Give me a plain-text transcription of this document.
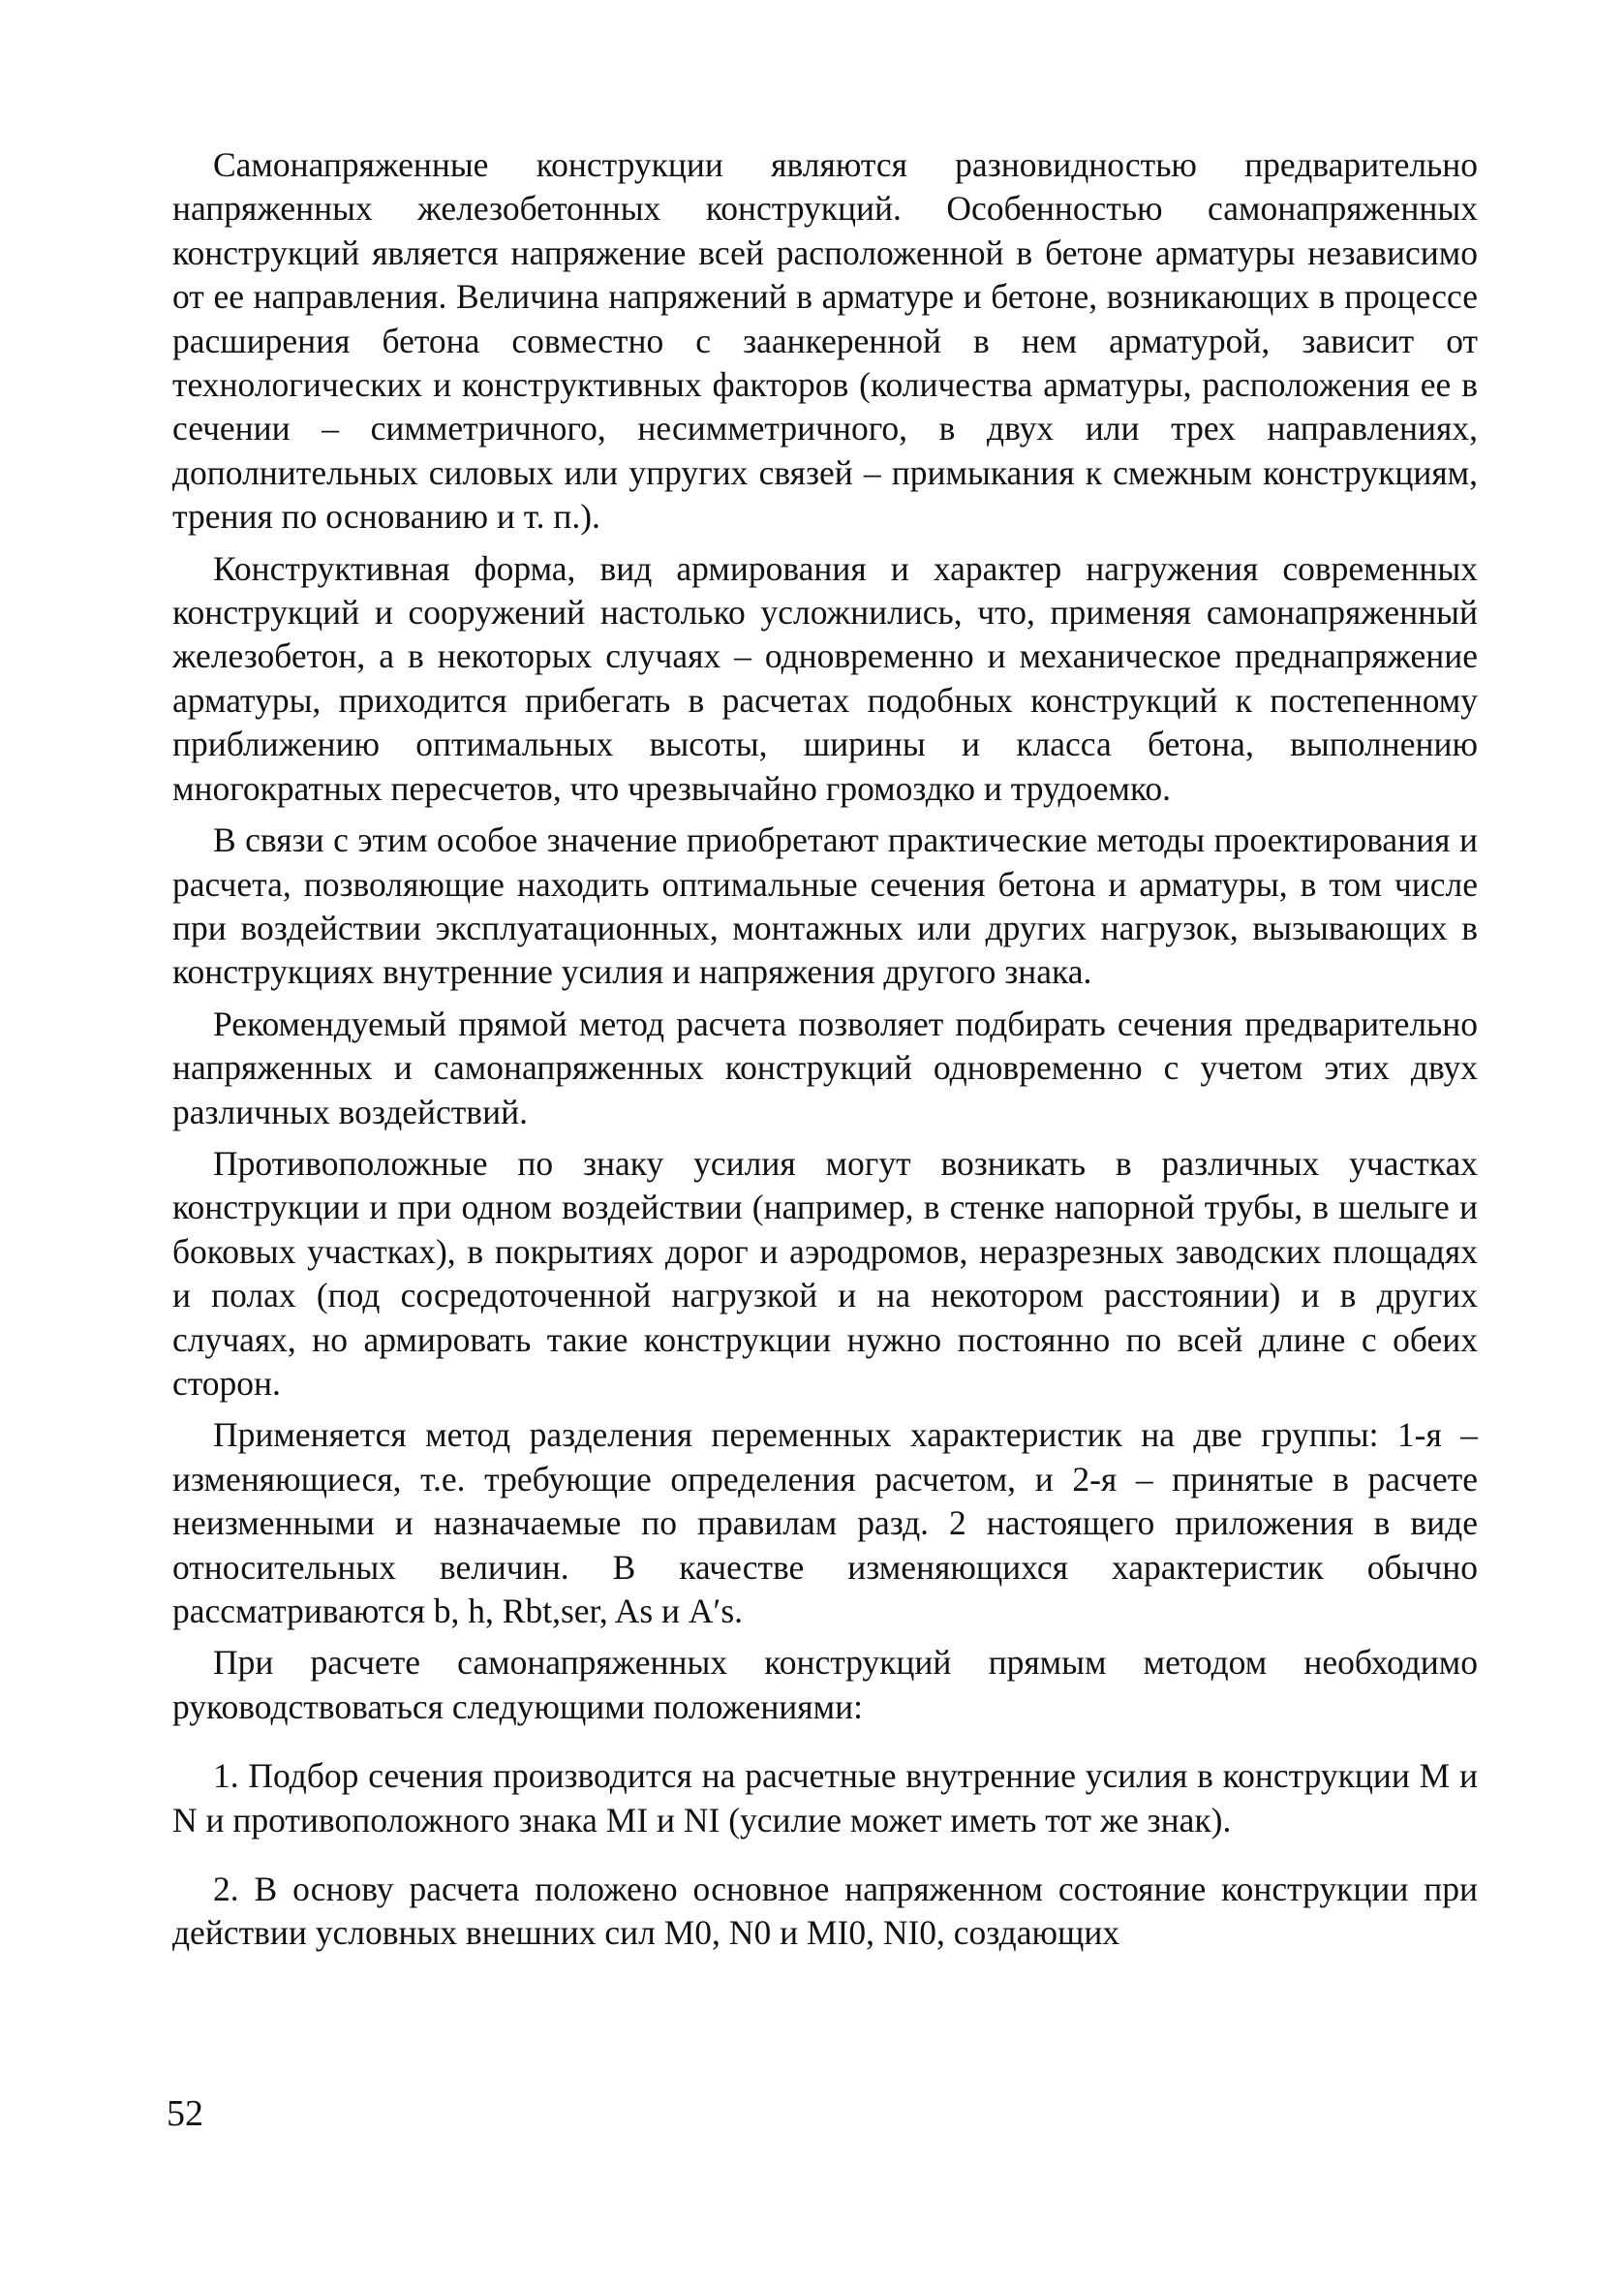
Самонапряженные конструкции являются разновидностью предварительно напряженных железобетонных конструкций. Особенностью самонапряженных конструкций является напряжение всей расположенной в бетоне арматуры независимо от ее направления. Величина напряжений в арматуре и бетоне, возникающих в процессе расширения бетона совместно с заанкеренной в нем арматурой, зависит от технологических и конструктивных факторов (количества арматуры, расположения ее в сечении – симметричного, несимметричного, в двух или трех направлениях, дополнительных силовых или упругих связей – примыкания к смежным конструкциям, трения по основанию и т. п.).

Конструктивная форма, вид армирования и характер нагружения современных конструкций и сооружений настолько усложнились, что, применяя самонапряженный железобетон, а в некоторых случаях – одновременно и механическое преднапряжение арматуры, приходится прибегать в расчетах подобных конструкций к постепенному приближению оптимальных высоты, ширины и класса бетона, выполнению многократных пересчетов, что чрезвычайно громоздко и трудоемко.

В связи с этим особое значение приобретают практические методы проектирования и расчета, позволяющие находить оптимальные сечения бетона и арматуры, в том числе при воздействии эксплуатационных, монтажных или других нагрузок, вызывающих в конструкциях внутренние усилия и напряжения другого знака.

Рекомендуемый прямой метод расчета позволяет подбирать сечения предварительно напряженных и самонапряженных конструкций одновременно с учетом этих двух различных воздействий.

Противоположные по знаку усилия могут возникать в различных участках конструкции и при одном воздействии (например, в стенке напорной трубы, в шелыге и боковых участках), в покрытиях дорог и аэродромов, неразрезных заводских площадях и полах (под сосредоточенной нагрузкой и на некотором расстоянии) и в других случаях, но армировать такие конструкции нужно постоянно по всей длине с обеих сторон.

Применяется метод разделения переменных характеристик на две группы: 1-я – изменяющиеся, т.е. требующие определения расчетом, и 2-я – принятые в расчете неизменными и назначаемые по правилам разд. 2 настоящего приложения в виде относительных величин. В качестве изменяющихся характеристик обычно рассматриваются b, h, Rbt,ser, As и A′s.

При расчете самонапряженных конструкций прямым методом необходимо руководствоваться следующими положениями:

1. Подбор сечения производится на расчетные внутренние усилия в конструкции M и N и противоположного знака MI и NI (усилие может иметь тот же знак).

2. В основу расчета положено основное напряженном состояние конструкции при действии условных внешних сил M0, N0 и MI0, NI0, создающих

52
